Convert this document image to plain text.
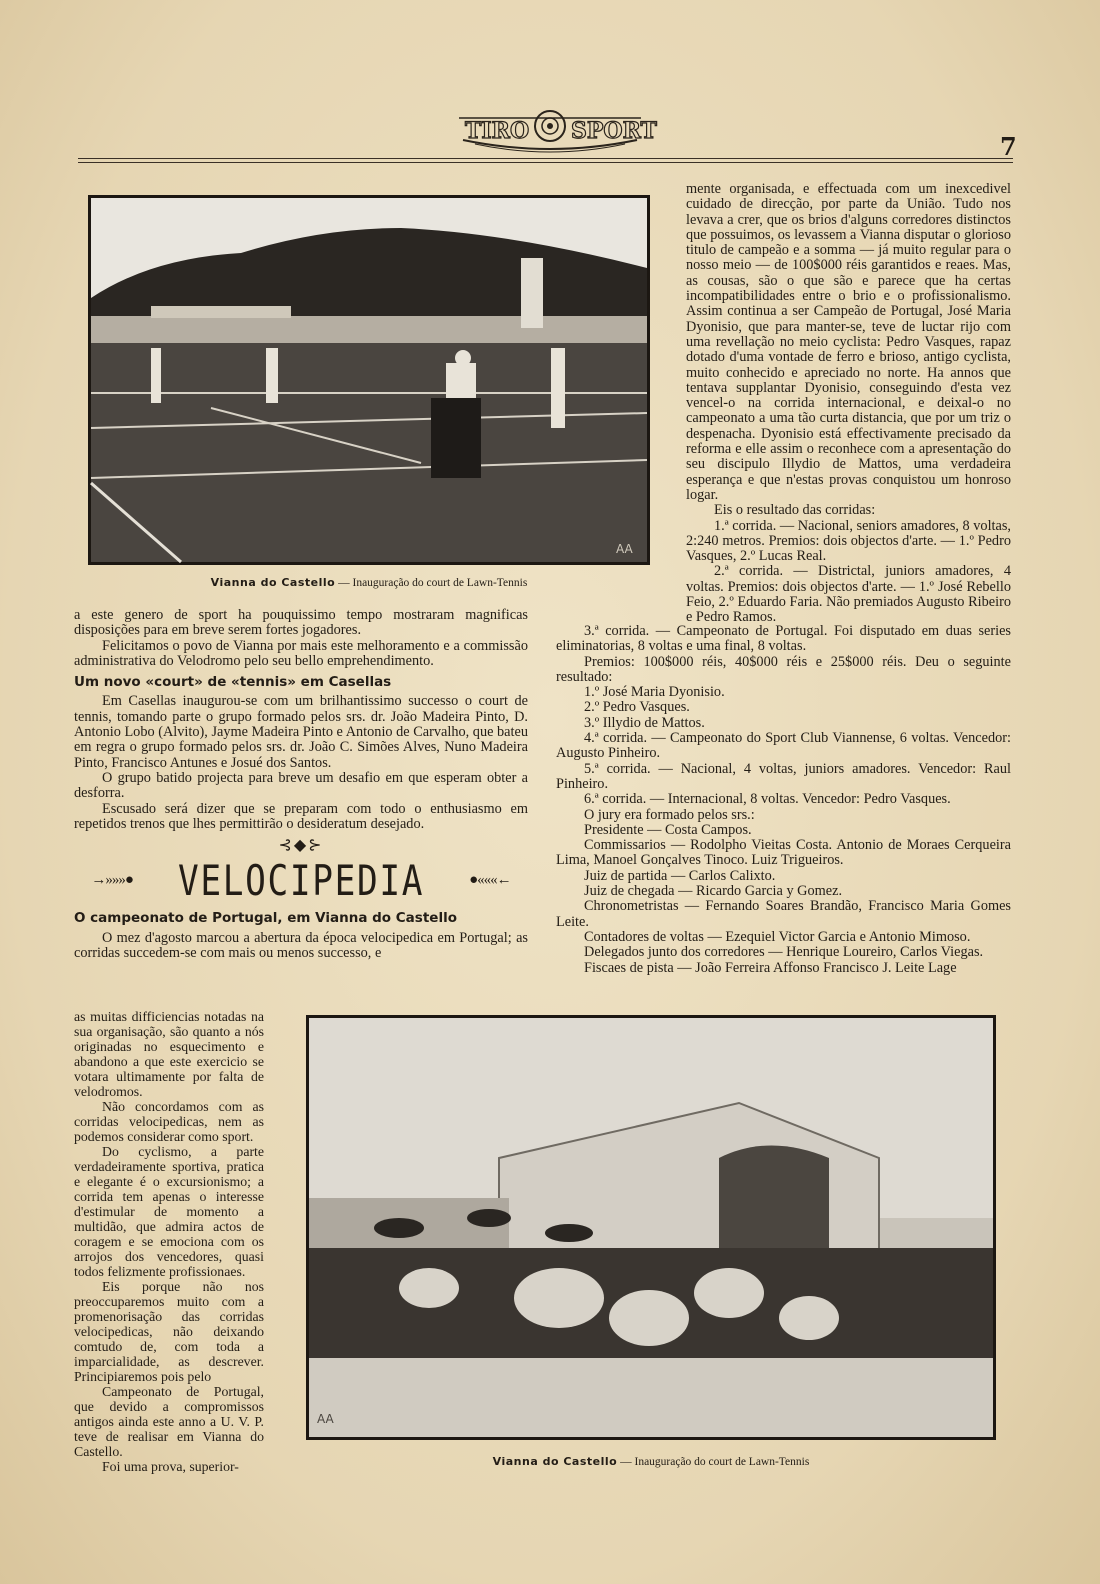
TIRO SPORT
7
AA
Vianna do Castello — Inauguração do court de Lawn-Tennis

a este genero de sport ha pouquissimo tempo mostraram magnificas disposições para em breve serem fortes jogadores.

Felicitamos o povo de Vianna por mais este melhoramento e a commissão administrativa do Velodromo pelo seu bello emprehendimento.

Um novo «court» de «tennis» em Casellas

Em Casellas inaugurou-se com um brilhantissimo successo o court de tennis, tomando parte o grupo formado pelos srs. dr. João Madeira Pinto, D. Antonio Lobo (Alvito), Jayme Madeira Pinto e Antonio de Carvalho, que bateu em regra o grupo formado pelos srs. dr. João C. Simões Alves, Nuno Madeira Pinto, Francisco Antunes e Josué dos Santos.

O grupo batido projecta para breve um desafio em que esperam obter a desforra.

Escusado será dizer que se preparam com todo o enthusiasmo em repetidos trenos que lhes permittirão o desideratum desejado.

⊰◆⊱
→»»»● VELOCIPEDIA	●«««←

O campeonato de Portugal, em Vianna do Castello

O mez d'agosto marcou a abertura da época velocipedica em Portugal; as corridas succedem-se com mais ou menos successo, e

as muitas difficiencias notadas na sua organisação, são quanto a nós originadas no esquecimento e abandono a que este exercicio se votara ultimamente por falta de velodromos.

Não concordamos com as corridas velocipedicas, nem as podemos considerar como sport.

Do cyclismo, a parte verdadeiramente sportiva, pratica e elegante é o excursionismo; a corrida tem apenas o interesse d'estimular de momento a multidão, que admira actos de coragem e se emociona com os arrojos dos vencedores, quasi todos felizmente profissionaes.

Eis porque não nos preoccuparemos muito com a promenorisação das corridas velocipedicas, não deixando comtudo de, com toda a imparcialidade, as descrever. Principiaremos pois pelo

Campeonato de Portugal, que devido a compromissos antigos ainda este anno a U. V. P. teve de realisar em Vianna do Castello.

Foi uma prova, superior-

mente organisada, e effectuada com um inexcedivel cuidado de direcção, por parte da União. Tudo nos levava a crer, que os brios d'alguns corredores distinctos que possuimos, os levassem a Vianna disputar o glorioso titulo de campeão e a somma — já muito regular para o nosso meio — de 100$000 réis garantidos e reaes. Mas, as cousas, são o que são e parece que ha certas incompatibilidades entre o brio e o profissionalismo. Assim continua a ser Campeão de Portugal, José Maria Dyonisio, que para manter-se, teve de luctar rijo com uma revellação no meio cyclista: Pedro Vasques, rapaz dotado d'uma vontade de ferro e brioso, antigo cyclista, muito conhecido e apreciado no norte. Ha annos que tentava supplantar Dyonisio, conseguindo d'esta vez vencel-o na corrida internacional, e deixal-o no campeonato a uma tão curta distancia, que por um triz o despenacha. Dyonisio está effectivamente precisado da reforma e elle assim o reconhece com a apresentação do seu discipulo Illydio de Mattos, uma verdadeira esperança e que n'estas provas conquistou um honroso logar.

Eis o resultado das corridas:

1.ª corrida. — Nacional, seniors amadores, 8 voltas, 2:240 metros. Premios: dois objectos d'arte. — 1.º Pedro Vasques, 2.º Lucas Real.

2.ª corrida. — Districtal, juniors amadores, 4 voltas. Premios: dois objectos d'arte. — 1.º José Rebello Feio, 2.º Eduardo Faria. Não premiados Augusto Ribeiro e Pedro Ramos.

3.ª corrida. — Campeonato de Portugal. Foi disputado em duas series eliminatorias, 8 voltas e uma final, 8 voltas.

Premios: 100$000 réis, 40$000 réis e 25$000 réis. Deu o seguinte resultado:

1.º José Maria Dyonisio.

2.º Pedro Vasques.

3.º Illydio de Mattos.

4.ª corrida. — Campeonato do Sport Club Viannense, 6 voltas. Vencedor: Augusto Pinheiro.

5.ª corrida. — Nacional, 4 voltas, juniors amadores. Vencedor: Raul Pinheiro.

6.ª corrida. — Internacional, 8 voltas. Vencedor: Pedro Vasques.

O jury era formado pelos srs.:

Presidente — Costa Campos.

Commissarios — Rodolpho Vieitas Costa. Antonio de Moraes Cerqueira Lima, Manoel Gonçalves Tinoco. Luiz Trigueiros.

Juiz de partida — Carlos Calixto.

Juiz de chegada — Ricardo Garcia y Gomez.

Chronometristas — Fernando Soares Brandão, Francisco Maria Gomes Leite.

Contadores de voltas — Ezequiel Victor Garcia e Antonio Mimoso.

Delegados junto dos corredores — Henrique Loureiro, Carlos Viegas.

Fiscaes de pista — João Ferreira Affonso Francisco J. Leite Lage

AA
Vianna do Castello — Inauguração do court de Lawn-Tennis
